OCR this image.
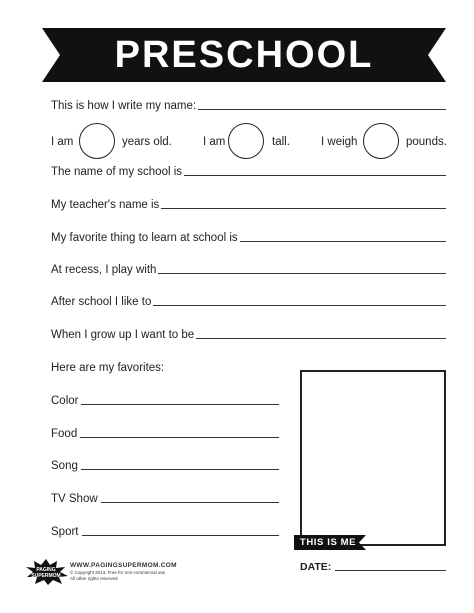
PRESCHOOL
This is how I write my name:
I am	years old.	I am	tall.	I weigh	pounds.
The name of my school is
My teacher's name is
My favorite thing to learn at school is
At recess, I play with
After school I like to
When I grow up I want to be
Here are my favorites:
Color
Food
Song
TV Show
Sport
THIS IS ME
DATE:
PAGING
SUPERMOM
WWW.PAGINGSUPERMOM.COM
© Copyright 2013, Free for non-commercial use
All other rights reserved
